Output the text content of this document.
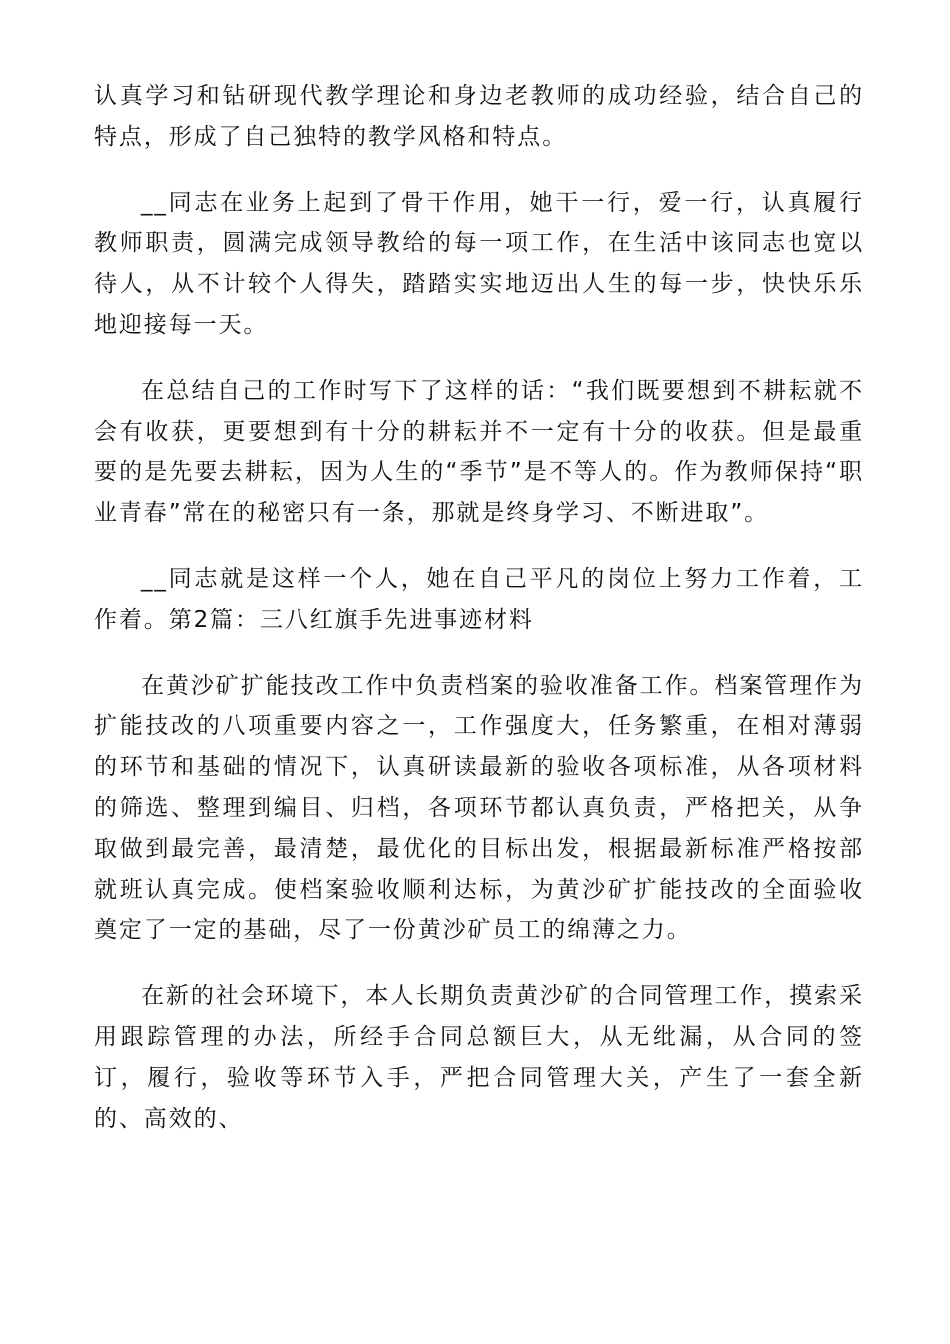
认真学习和钻研现代教学理论和身边老教师的成功经验，结合自己的特点，形成了自己独特的教学风格和特点。

__同志在业务上起到了骨干作用，她干一行，爱一行，认真履行教师职责，圆满完成领导教给的每一项工作，在生活中该同志也宽以待人，从不计较个人得失，踏踏实实地迈出人生的每一步，快快乐乐地迎接每一天。

在总结自己的工作时写下了这样的话：“我们既要想到不耕耘就不会有收获，更要想到有十分的耕耘并不一定有十分的收获。但是最重要的是先要去耕耘，因为人生的“季节”是不等人的。作为教师保持“职业青春”常在的秘密只有一条，那就是终身学习、不断进取”。

__同志就是这样一个人，她在自己平凡的岗位上努力工作着，工作着。第2篇：三八红旗手先进事迹材料

在黄沙矿扩能技改工作中负责档案的验收准备工作。档案管理作为扩能技改的八项重要内容之一，工作强度大，任务繁重，在相对薄弱的环节和基础的情况下，认真研读最新的验收各项标准，从各项材料的筛选、整理到编目、归档，各项环节都认真负责，严格把关，从争取做到最完善，最清楚，最优化的目标出发，根据最新标准严格按部就班认真完成。使档案验收顺利达标，为黄沙矿扩能技改的全面验收奠定了一定的基础，尽了一份黄沙矿员工的绵薄之力。

在新的社会环境下，本人长期负责黄沙矿的合同管理工作，摸索采用跟踪管理的办法，所经手合同总额巨大，从无纰漏，从合同的签订，履行，验收等环节入手，严把合同管理大关，产生了一套全新的、高效的、
